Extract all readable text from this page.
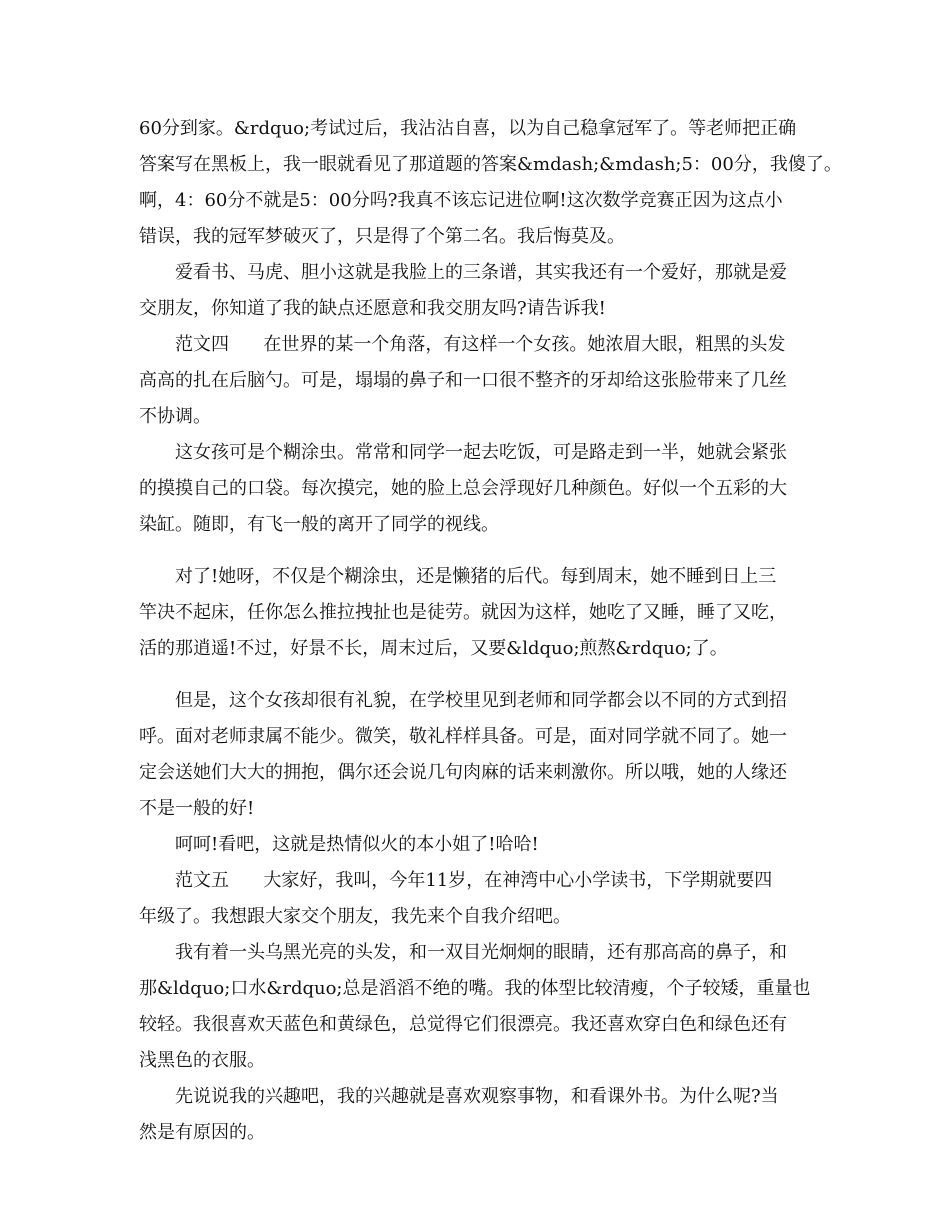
60分到家。&rdquo;考试过后，我沾沾自喜，以为自己稳拿冠军了。等老师把正确
答案写在黑板上，我一眼就看见了那道题的答案&mdash;&mdash;5：00分，我傻了。
啊，4：60分不就是5：00分吗?我真不该忘记进位啊!这次数学竞赛正因为这点小
错误，我的冠军梦破灭了，只是得了个第二名。我后悔莫及。
爱看书、马虎、胆小这就是我脸上的三条谱，其实我还有一个爱好，那就是爱
交朋友，你知道了我的缺点还愿意和我交朋友吗?请告诉我!
范文四      在世界的某一个角落，有这样一个女孩。她浓眉大眼，粗黑的头发
高高的扎在后脑勺。可是，塌塌的鼻子和一口很不整齐的牙却给这张脸带来了几丝
不协调。
这女孩可是个糊涂虫。常常和同学一起去吃饭，可是路走到一半，她就会紧张
的摸摸自己的口袋。每次摸完，她的脸上总会浮现好几种颜色。好似一个五彩的大
染缸。随即，有飞一般的离开了同学的视线。
对了!她呀，不仅是个糊涂虫，还是懒猪的后代。每到周末，她不睡到日上三
竿决不起床，任你怎么推拉拽扯也是徒劳。就因为这样，她吃了又睡，睡了又吃，
活的那逍遥!不过，好景不长，周末过后，又要&ldquo;煎熬&rdquo;了。
但是，这个女孩却很有礼貌，在学校里见到老师和同学都会以不同的方式到招
呼。面对老师隶属不能少。微笑，敬礼样样具备。可是，面对同学就不同了。她一
定会送她们大大的拥抱，偶尔还会说几句肉麻的话来刺激你。所以哦，她的人缘还
不是一般的好!
呵呵!看吧，这就是热情似火的本小姐了!哈哈!
范文五      大家好，我叫，今年11岁，在神湾中心小学读书，下学期就要四
年级了。我想跟大家交个朋友，我先来个自我介绍吧。
我有着一头乌黑光亮的头发，和一双目光炯炯的眼睛，还有那高高的鼻子，和
那&ldquo;口水&rdquo;总是滔滔不绝的嘴。我的体型比较清瘦，个子较矮，重量也
较轻。我很喜欢天蓝色和黄绿色，总觉得它们很漂亮。我还喜欢穿白色和绿色还有
浅黑色的衣服。
先说说我的兴趣吧，我的兴趣就是喜欢观察事物，和看课外书。为什么呢?当
然是有原因的。
